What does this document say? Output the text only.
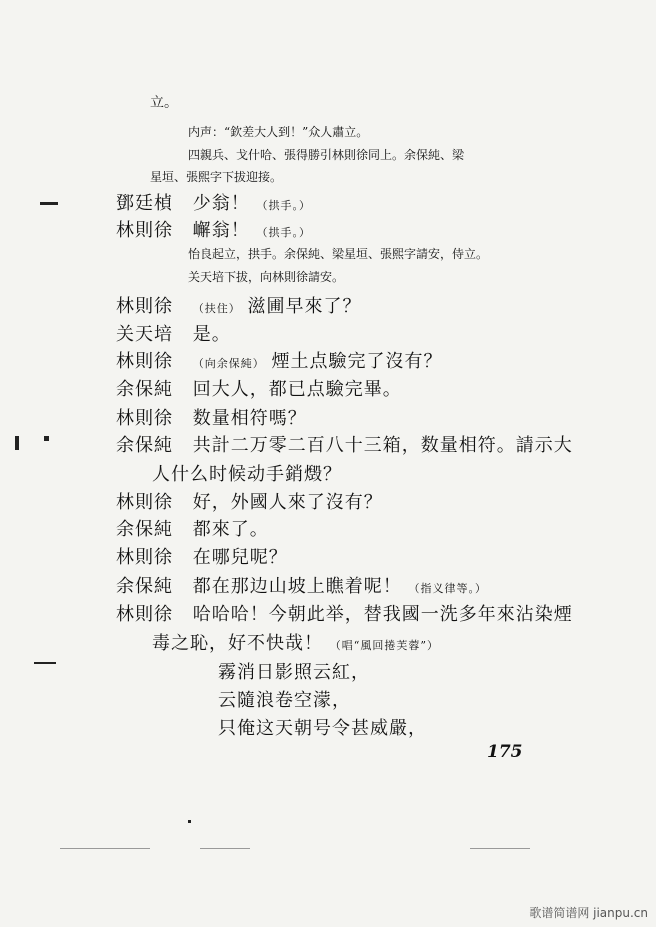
立。
内声：“欽差大人到！”众人肅立。
四親兵、戈什哈、張得勝引林則徐同上。余保純、梁
星垣、張熙字下拔迎接。
鄧廷楨 少翁！ （拱手。）
林則徐 嶰翁！ （拱手。）
怡良起立，拱手。余保純、梁星垣、張熙字請安，侍立。
关天培下拔，向林則徐請安。
林則徐 （扶住） 滋圃早來了？
关天培 是。
林則徐 （向余保純） 煙土点驗完了沒有？
余保純 回大人，都已点驗完畢。
林則徐 数量相符嗎？
余保純 共計二万零二百八十三箱，数量相符。請示大
人什么时候动手銷燬？
林則徐 好，外國人來了沒有？
余保純 都來了。
林則徐 在哪兒呢？
余保純 都在那边山坡上瞧着呢！ （指义律等。）
林則徐 哈哈哈！今朝此举，替我國一洗多年來沾染煙
毒之恥，好不快哉！ （唱“風回捲芙蓉”）
霧消日影照云紅，
云隨浪卷空濛，
只俺这天朝号令甚威嚴，
175
歌谱简谱网 jianpu.cn
